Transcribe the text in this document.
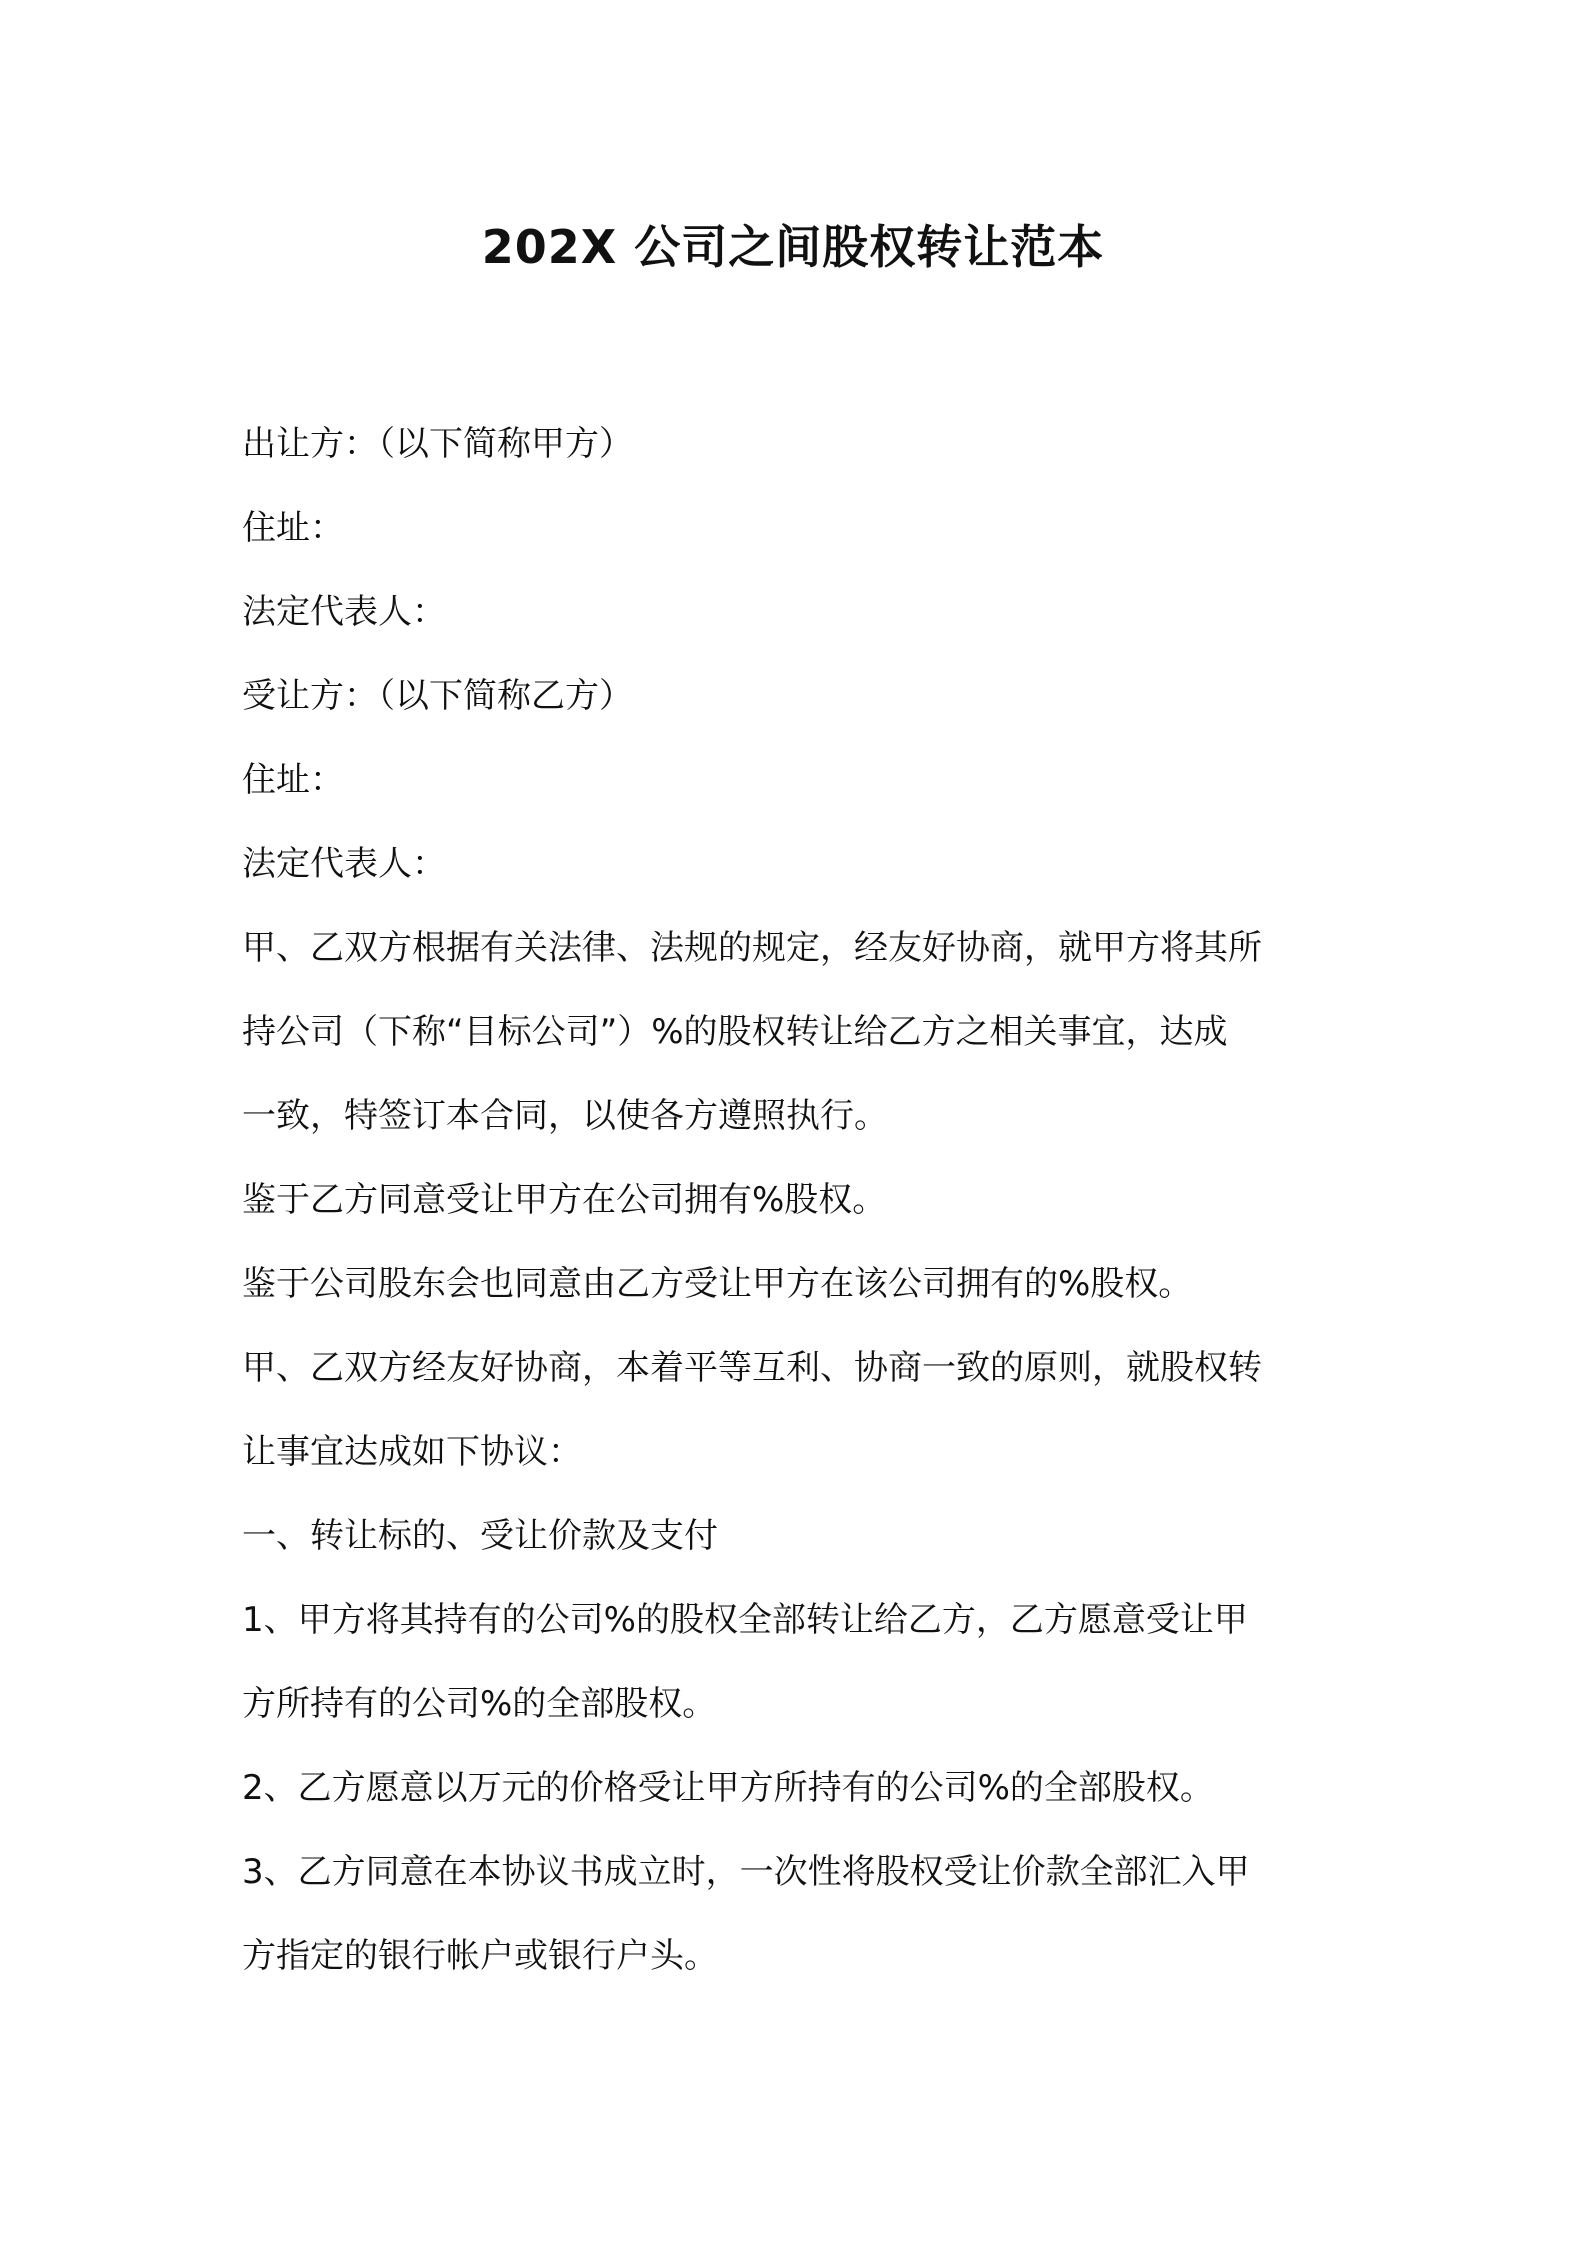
202X 公司之间股权转让范本
出让方：（以下简称甲方）
住址：
法定代表人：
受让方：（以下简称乙方）
住址：
法定代表人：
甲、乙双方根据有关法律、法规的规定，经友好协商，就甲方将其所
持公司（下称“目标公司”）%的股权转让给乙方之相关事宜，达成
一致，特签订本合同，以使各方遵照执行。
鉴于乙方同意受让甲方在公司拥有%股权。
鉴于公司股东会也同意由乙方受让甲方在该公司拥有的%股权。
甲、乙双方经友好协商，本着平等互利、协商一致的原则，就股权转
让事宜达成如下协议：
一、转让标的、受让价款及支付
1、甲方将其持有的公司%的股权全部转让给乙方，乙方愿意受让甲
方所持有的公司%的全部股权。
2、乙方愿意以万元的价格受让甲方所持有的公司%的全部股权。
3、乙方同意在本协议书成立时，一次性将股权受让价款全部汇入甲
方指定的银行帐户或银行户头。
